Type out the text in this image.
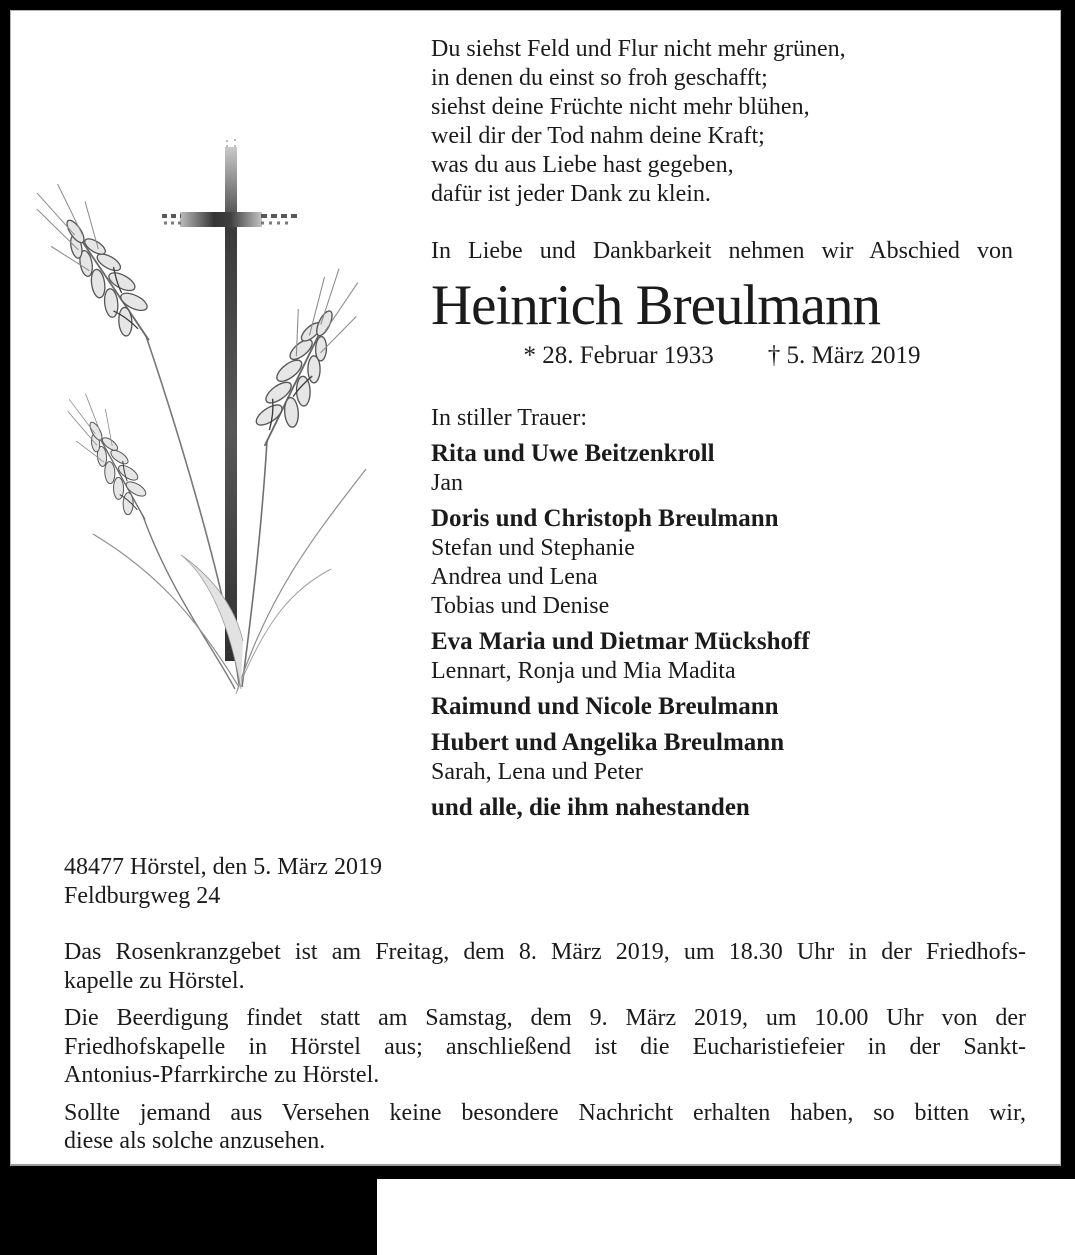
Du siehst Feld und Flur nicht mehr grünen,
in denen du einst so froh geschafft;
siehst deine Früchte nicht mehr blühen,
weil dir der Tod nahm deine Kraft;
was du aus Liebe hast gegeben,
dafür ist jeder Dank zu klein.
In Liebe und Dankbarkeit nehmen wir Abschied von
Heinrich Breulmann
* 28. Februar 1933 † 5. März 2019
In stiller Trauer:
Rita und Uwe Beitzenkroll
Jan
Doris und Christoph Breulmann
Stefan und Stephanie
Andrea und Lena
Tobias und Denise
Eva Maria und Dietmar Mückshoff
Lennart, Ronja und Mia Madita
Raimund und Nicole Breulmann
Hubert und Angelika Breulmann
Sarah, Lena und Peter
und alle, die ihm nahestanden
48477 Hörstel, den 5. März 2019
Feldburgweg 24

Das Rosenkranzgebet ist am Freitag, dem 8. März 2019, um 18.30 Uhr in der Friedhofs-
kapelle zu Hörstel.

Die Beerdigung findet statt am Samstag, dem 9. März 2019, um 10.00 Uhr von der
Friedhofskapelle in Hörstel aus; anschließend ist die Eucharistiefeier in der Sankt-
Antonius-Pfarrkirche zu Hörstel.

Sollte jemand aus Versehen keine besondere Nachricht erhalten haben, so bitten wir,
diese als solche anzusehen.
